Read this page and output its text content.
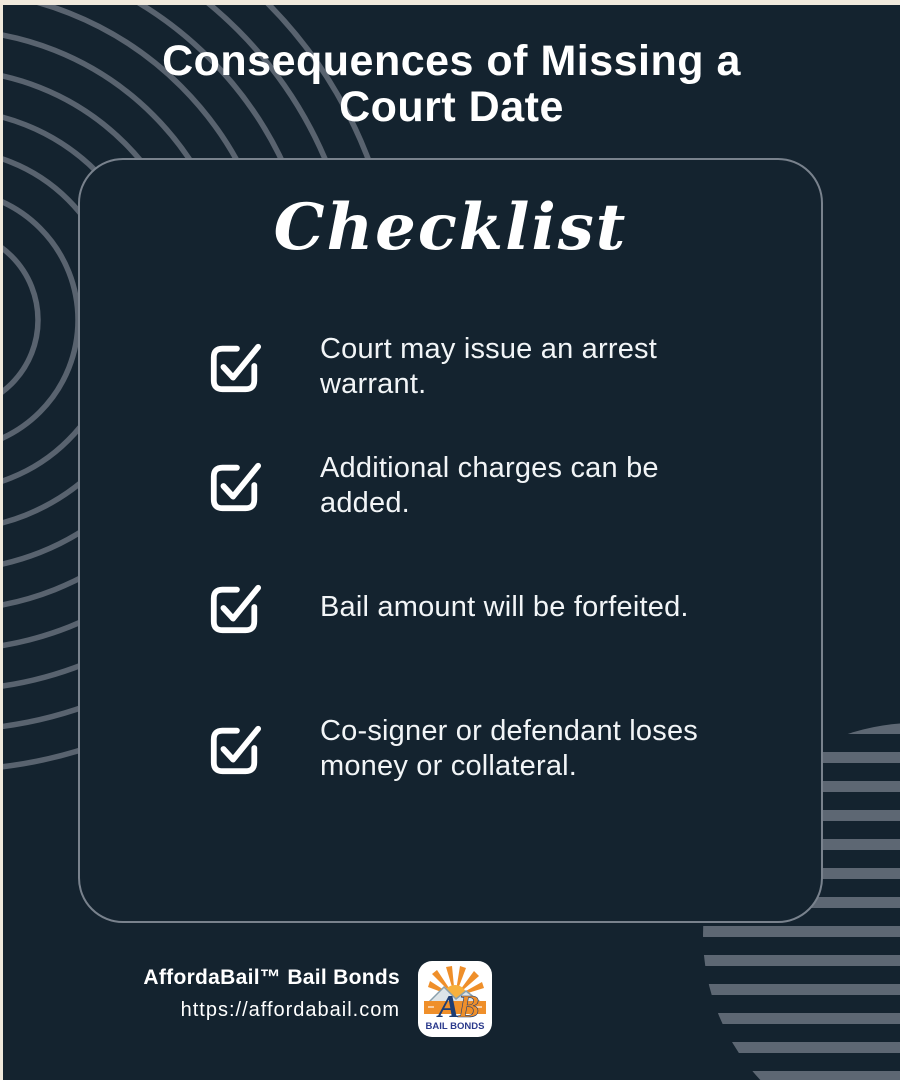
Consequences of Missing a
Court Date
Checklist
Court may issue an arrest warrant.
Additional charges can be added.
Bail amount will be forfeited.
Co-signer or defendant loses money or collateral.
AffordaBail™ Bail Bonds
https://affordabail.com A
B
BAIL BONDS
